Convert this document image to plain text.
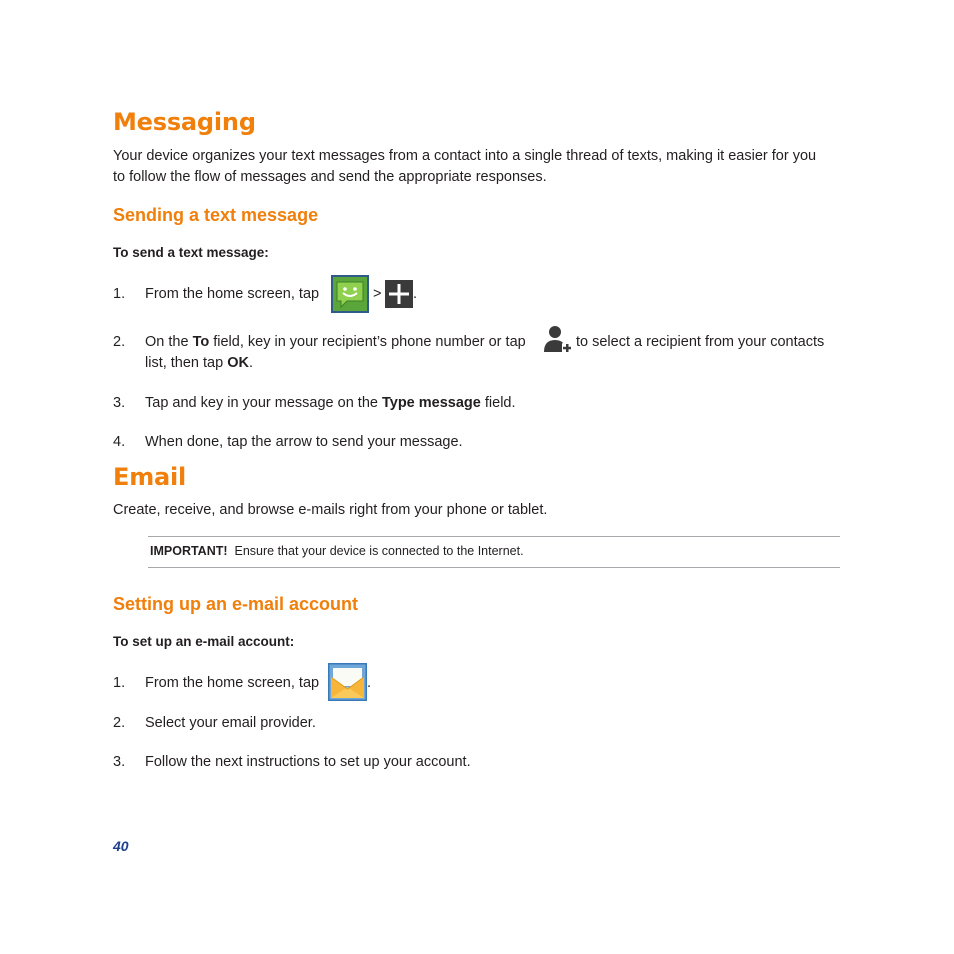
Messaging
Your device organizes your text messages from a contact into a single thread of texts, making it easier for you
to follow the flow of messages and send the appropriate responses.
Sending a text message
To send a text message:
1. From the home screen, tap	> .
2. On the To field, key in your recipient’s phone number or tap	to select a recipient from your contacts
list, then tap OK.
3. Tap and key in your message on the Type message field.
4. When done, tap the arrow to send your message.
Email
Create, receive, and browse e-mails right from your phone or tablet.
IMPORTANT! Ensure that your device is connected to the Internet.
Setting up an e-mail account
To set up an e-mail account:
1. From the home screen, tap	.
2. Select your email provider.
3. Follow the next instructions to set up your account.
40
